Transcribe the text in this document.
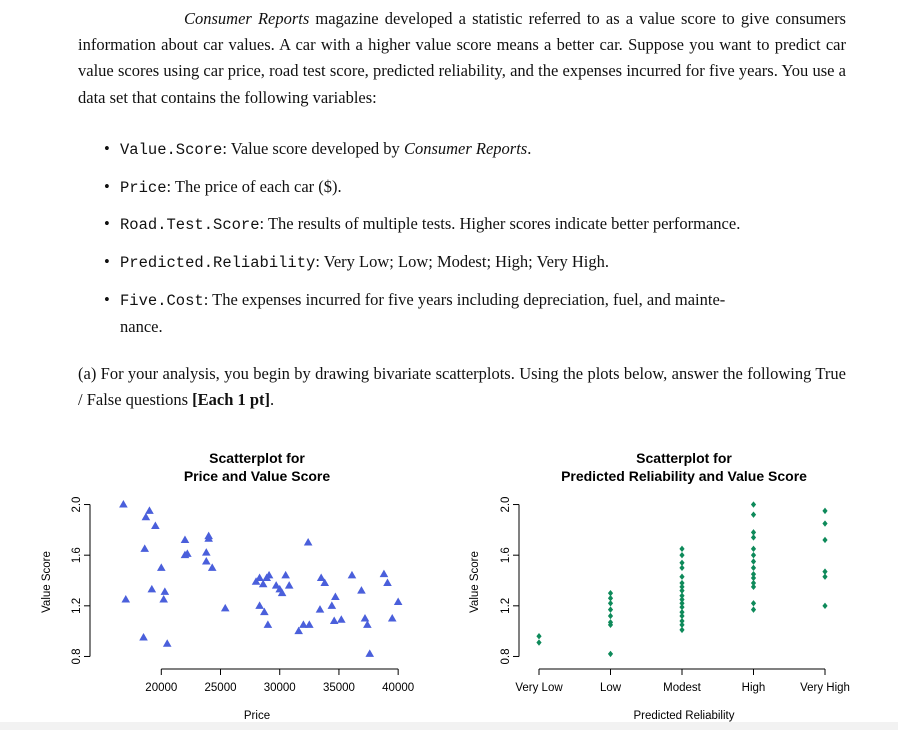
Consumer Reports magazine developed a statistic referred to as a value score to give consumers information about car values. A car with a higher value score means a better car. Suppose you want to predict car value scores using car price, road test score, predicted reliability, and the expenses incurred for five years. You use a data set that contains the following variables:

• Value.Score: Value score developed by Consumer Reports.
• Price: The price of each car ($).
• Road.Test.Score: The results of multiple tests. Higher scores indicate better performance.
• Predicted.Reliability: Very Low; Low; Modest; High; Very High.
• Five.Cost: The expenses incurred for five years including depreciation, fuel, and mainte-
nance.

(a) For your analysis, you begin by drawing bivariate scatterplots. Using the plots below, answer the following True / False questions [Each 1 pt].

Scatterplot for
Price and Value Score
Value Score
Price
0.8
1.2
1.6
2.0
20000 25000 30000 35000 40000
Scatterplot for
Predicted Reliability and Value Score
Value Score
Predicted Reliability
0.8
1.2
1.6
2.0
Very Low	Low	Modest	High	Very High
